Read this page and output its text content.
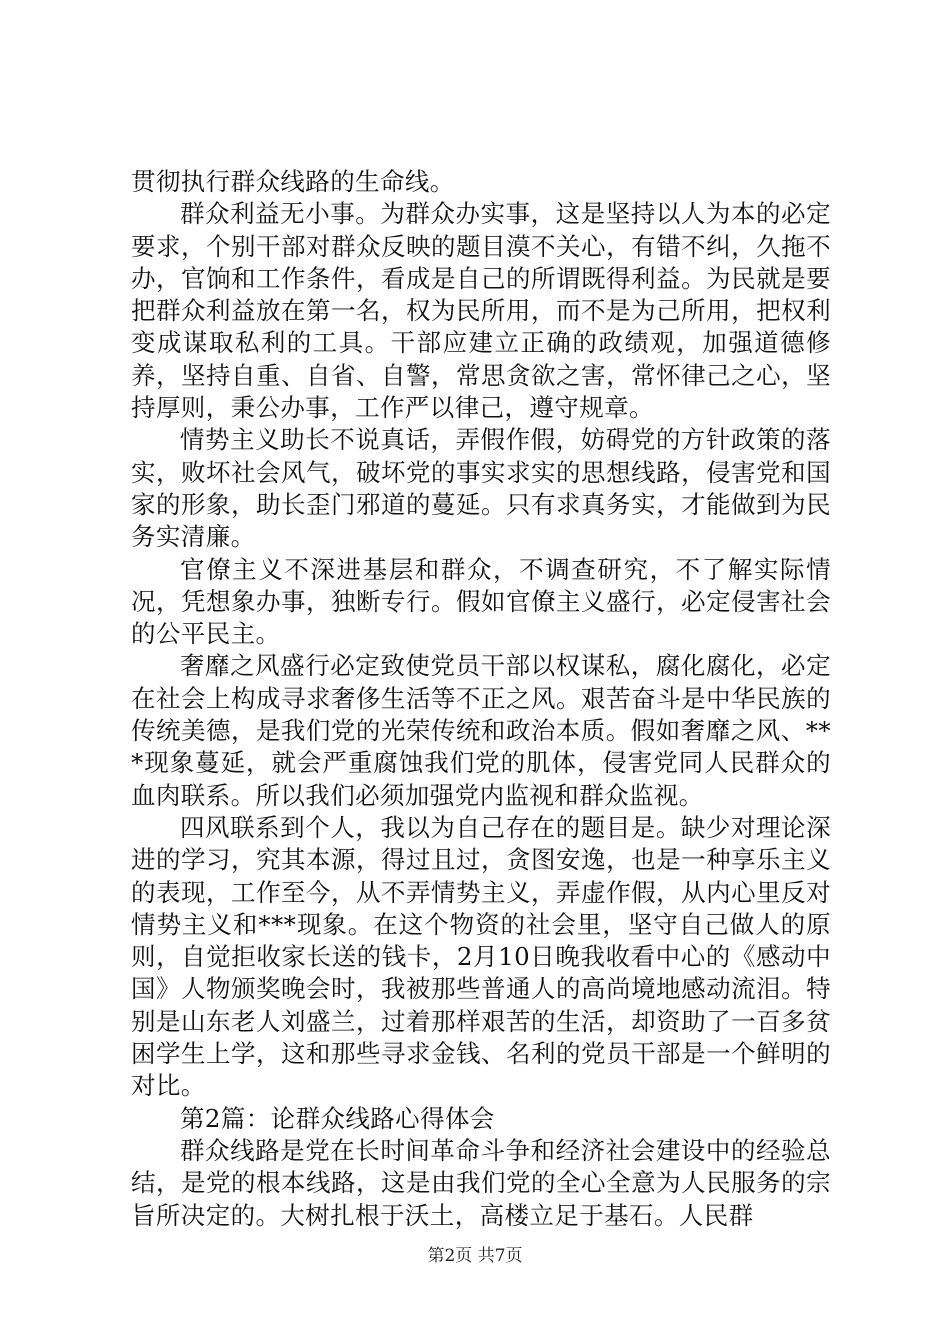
贯彻执行群众线路的生命线。

群众利益无小事。为群众办实事，这是坚持以人为本的必定要求，个别干部对群众反映的题目漠不关心，有错不纠，久拖不办，官饷和工作条件，看成是自己的所谓既得利益。为民就是要把群众利益放在第一名，权为民所用，而不是为己所用，把权利变成谋取私利的工具。干部应建立正确的政绩观，加强道德修养，坚持自重、自省、自警，常思贪欲之害，常怀律己之心，坚持厚则，秉公办事，工作严以律己，遵守规章。

情势主义助长不说真话，弄假作假，妨碍党的方针政策的落实，败坏社会风气，破坏党的事实求实的思想线路，侵害党和国家的形象，助长歪门邪道的蔓延。只有求真务实，才能做到为民务实清廉。

官僚主义不深进基层和群众，不调查研究，不了解实际情况，凭想象办事，独断专行。假如官僚主义盛行，必定侵害社会的公平民主。

奢靡之风盛行必定致使党员干部以权谋私，腐化腐化，必定在社会上构成寻求奢侈生活等不正之风。艰苦奋斗是中华民族的传统美德，是我们党的光荣传统和政治本质。假如奢靡之风、***现象蔓延，就会严重腐蚀我们党的肌体，侵害党同人民群众的血肉联系。所以我们必须加强党内监视和群众监视。

四风联系到个人，我以为自己存在的题目是。缺少对理论深进的学习，究其本源，得过且过，贪图安逸，也是一种享乐主义的表现，工作至今，从不弄情势主义，弄虚作假，从内心里反对情势主义和***现象。在这个物资的社会里，坚守自己做人的原则，自觉拒收家长送的钱卡，2月10日晚我收看中心的《感动中国》人物颁奖晚会时，我被那些普通人的高尚境地感动流泪。特别是山东老人刘盛兰，过着那样艰苦的生活，却资助了一百多贫困学生上学，这和那些寻求金钱、名利的党员干部是一个鲜明的对比。

第2篇：论群众线路心得体会

群众线路是党在长时间革命斗争和经济社会建设中的经验总结，是党的根本线路，这是由我们党的全心全意为人民服务的宗旨所决定的。大树扎根于沃土，高楼立足于基石。人民群

第2页 共7页
